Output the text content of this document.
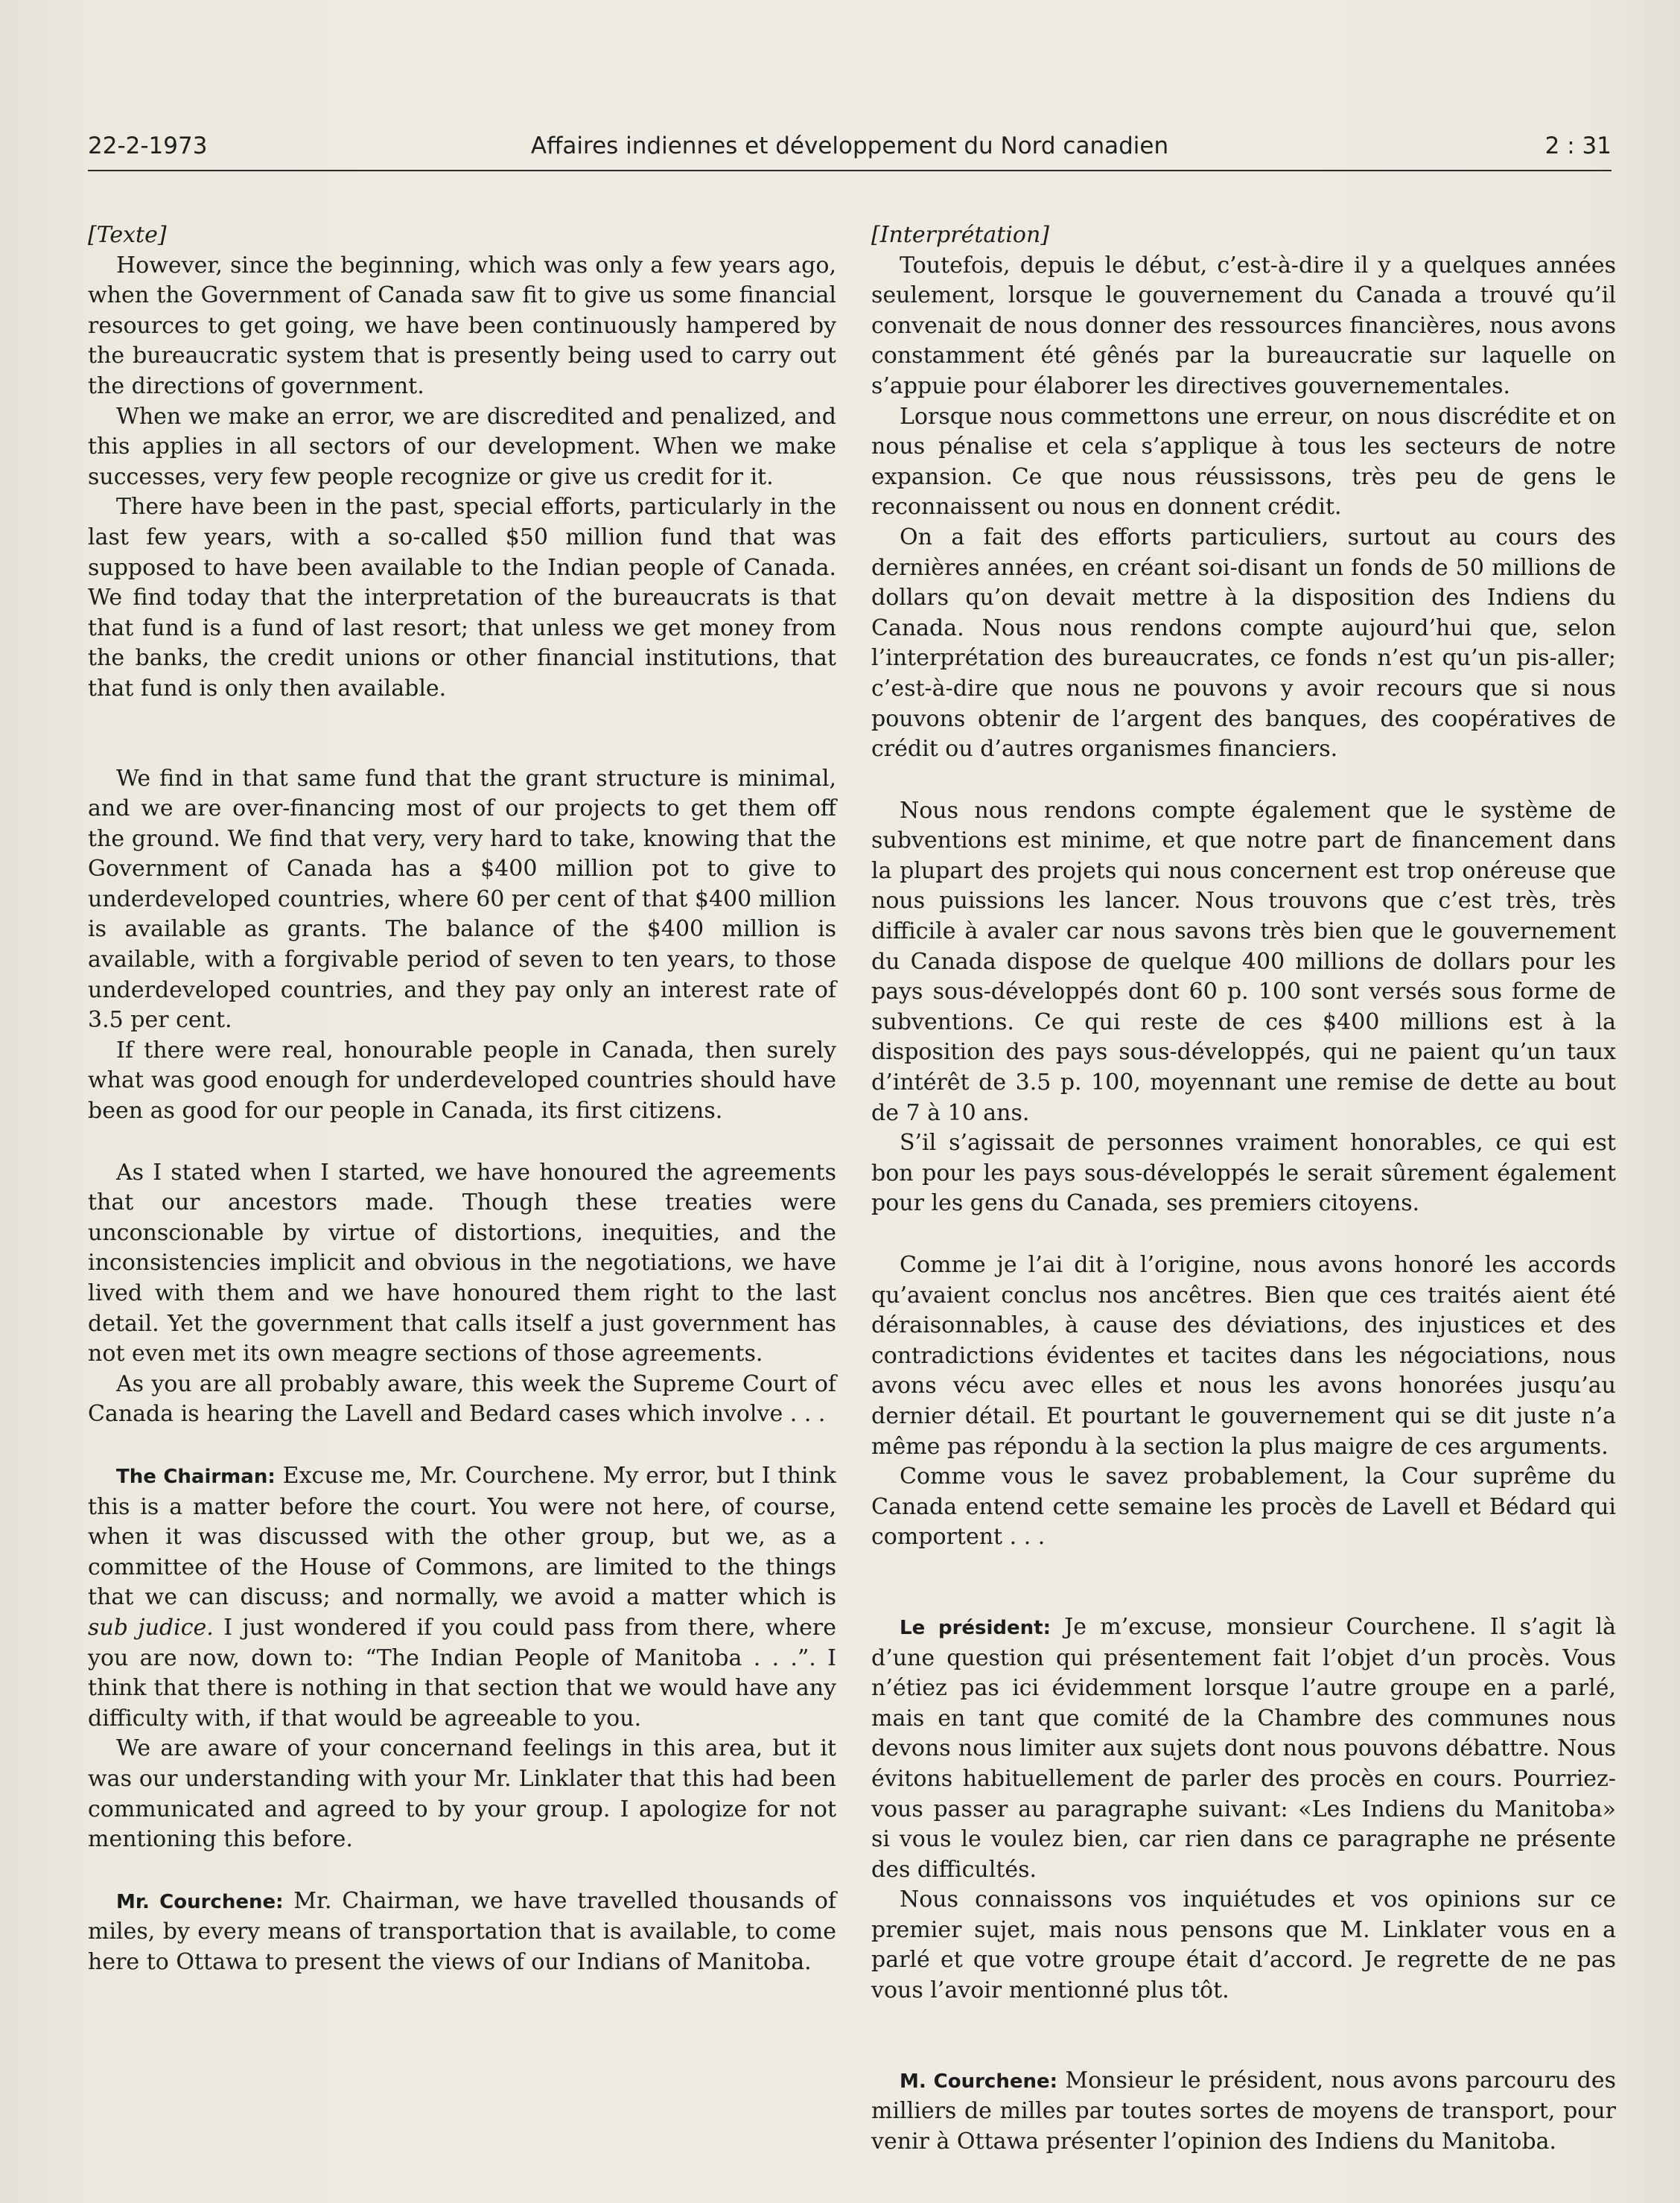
22-2-1973	Affaires indiennes et développement du Nord canadien	2 : 31

[Texte]

However, since the beginning, which was only a few years ago, when the Government of Canada saw fit to give us some financial resources to get going, we have been continuously hampered by the bureaucratic system that is presently being used to carry out the directions of government.

When we make an error, we are discredited and penalized, and this applies in all sectors of our development. When we make successes, very few people recognize or give us credit for it.

There have been in the past, special efforts, particularly in the last few years, with a so-called $50 million fund that was supposed to have been available to the Indian people of Canada. We find today that the interpretation of the bureaucrats is that that fund is a fund of last resort; that unless we get money from the banks, the credit unions or other financial institutions, that that fund is only then available.

We find in that same fund that the grant structure is minimal, and we are over-financing most of our projects to get them off the ground. We find that very, very hard to take, knowing that the Government of Canada has a $400 million pot to give to underdeveloped countries, where 60 per cent of that $400 million is available as grants. The balance of the $400 million is available, with a forgivable period of seven to ten years, to those underdeveloped countries, and they pay only an interest rate of 3.5 per cent.

If there were real, honourable people in Canada, then surely what was good enough for underdeveloped countries should have been as good for our people in Canada, its first citizens.

As I stated when I started, we have honoured the agreements that our ancestors made. Though these treaties were unconscionable by virtue of distortions, inequities, and the inconsistencies implicit and obvious in the negotiations, we have lived with them and we have honoured them right to the last detail. Yet the government that calls itself a just government has not even met its own meagre sections of those agreements.

As you are all probably aware, this week the Supreme Court of Canada is hearing the Lavell and Bedard cases which involve . . .

The Chairman: Excuse me, Mr. Courchene. My error, but I think this is a matter before the court. You were not here, of course, when it was discussed with the other group, but we, as a committee of the House of Commons, are limited to the things that we can discuss; and normally, we avoid a matter which is sub judice. I just wondered if you could pass from there, where you are now, down to: “The Indian People of Manitoba . . .”. I think that there is nothing in that section that we would have any difficulty with, if that would be agreeable to you.

We are aware of your concernand feelings in this area, but it was our understanding with your Mr. Linklater that this had been communicated and agreed to by your group. I apologize for not mentioning this before.

Mr. Courchene: Mr. Chairman, we have travelled thousands of miles, by every means of transportation that is available, to come here to Ottawa to present the views of our Indians of Manitoba.

[Interprétation]

Toutefois, depuis le début, c’est-à-dire il y a quelques années seulement, lorsque le gouvernement du Canada a trouvé qu’il convenait de nous donner des ressources financières, nous avons constamment été gênés par la bureaucratie sur laquelle on s’appuie pour élaborer les directives gouvernementales.

Lorsque nous commettons une erreur, on nous discrédite et on nous pénalise et cela s’applique à tous les secteurs de notre expansion. Ce que nous réussissons, très peu de gens le reconnaissent ou nous en donnent crédit.

On a fait des efforts particuliers, surtout au cours des dernières années, en créant soi-disant un fonds de 50 millions de dollars qu’on devait mettre à la disposition des Indiens du Canada. Nous nous rendons compte aujourd’hui que, selon l’interprétation des bureaucrates, ce fonds n’est qu’un pis-aller; c’est-à-dire que nous ne pouvons y avoir recours que si nous pouvons obtenir de l’argent des banques, des coopératives de crédit ou d’autres organismes financiers.

Nous nous rendons compte également que le système de subventions est minime, et que notre part de financement dans la plupart des projets qui nous concernent est trop onéreuse que nous puissions les lancer. Nous trouvons que c’est très, très difficile à avaler car nous savons très bien que le gouvernement du Canada dispose de quelque 400 millions de dollars pour les pays sous-développés dont 60 p. 100 sont versés sous forme de subventions. Ce qui reste de ces $400 millions est à la disposition des pays sous-développés, qui ne paient qu’un taux d’intérêt de 3.5 p. 100, moyennant une remise de dette au bout de 7 à 10 ans.

S’il s’agissait de personnes vraiment honorables, ce qui est bon pour les pays sous-développés le serait sûrement également pour les gens du Canada, ses premiers citoyens.

Comme je l’ai dit à l’origine, nous avons honoré les accords qu’avaient conclus nos ancêtres. Bien que ces traités aient été déraisonnables, à cause des déviations, des injustices et des contradictions évidentes et tacites dans les négociations, nous avons vécu avec elles et nous les avons honorées jusqu’au dernier détail. Et pourtant le gouvernement qui se dit juste n’a même pas répondu à la section la plus maigre de ces arguments.

Comme vous le savez probablement, la Cour suprême du Canada entend cette semaine les procès de Lavell et Bédard qui comportent . . .

Le président: Je m’excuse, monsieur Courchene. Il s’agit là d’une question qui présentement fait l’objet d’un procès. Vous n’étiez pas ici évidemment lorsque l’autre groupe en a parlé, mais en tant que comité de la Chambre des communes nous devons nous limiter aux sujets dont nous pouvons débattre. Nous évitons habituellement de parler des procès en cours. Pourriez-vous passer au paragraphe suivant: «Les Indiens du Manitoba» si vous le voulez bien, car rien dans ce paragraphe ne présente des difficultés.

Nous connaissons vos inquiétudes et vos opinions sur ce premier sujet, mais nous pensons que M. Linklater vous en a parlé et que votre groupe était d’accord. Je regrette de ne pas vous l’avoir mentionné plus tôt.

M. Courchene: Monsieur le président, nous avons parcouru des milliers de milles par toutes sortes de moyens de transport, pour venir à Ottawa présenter l’opinion des Indiens du Manitoba.
